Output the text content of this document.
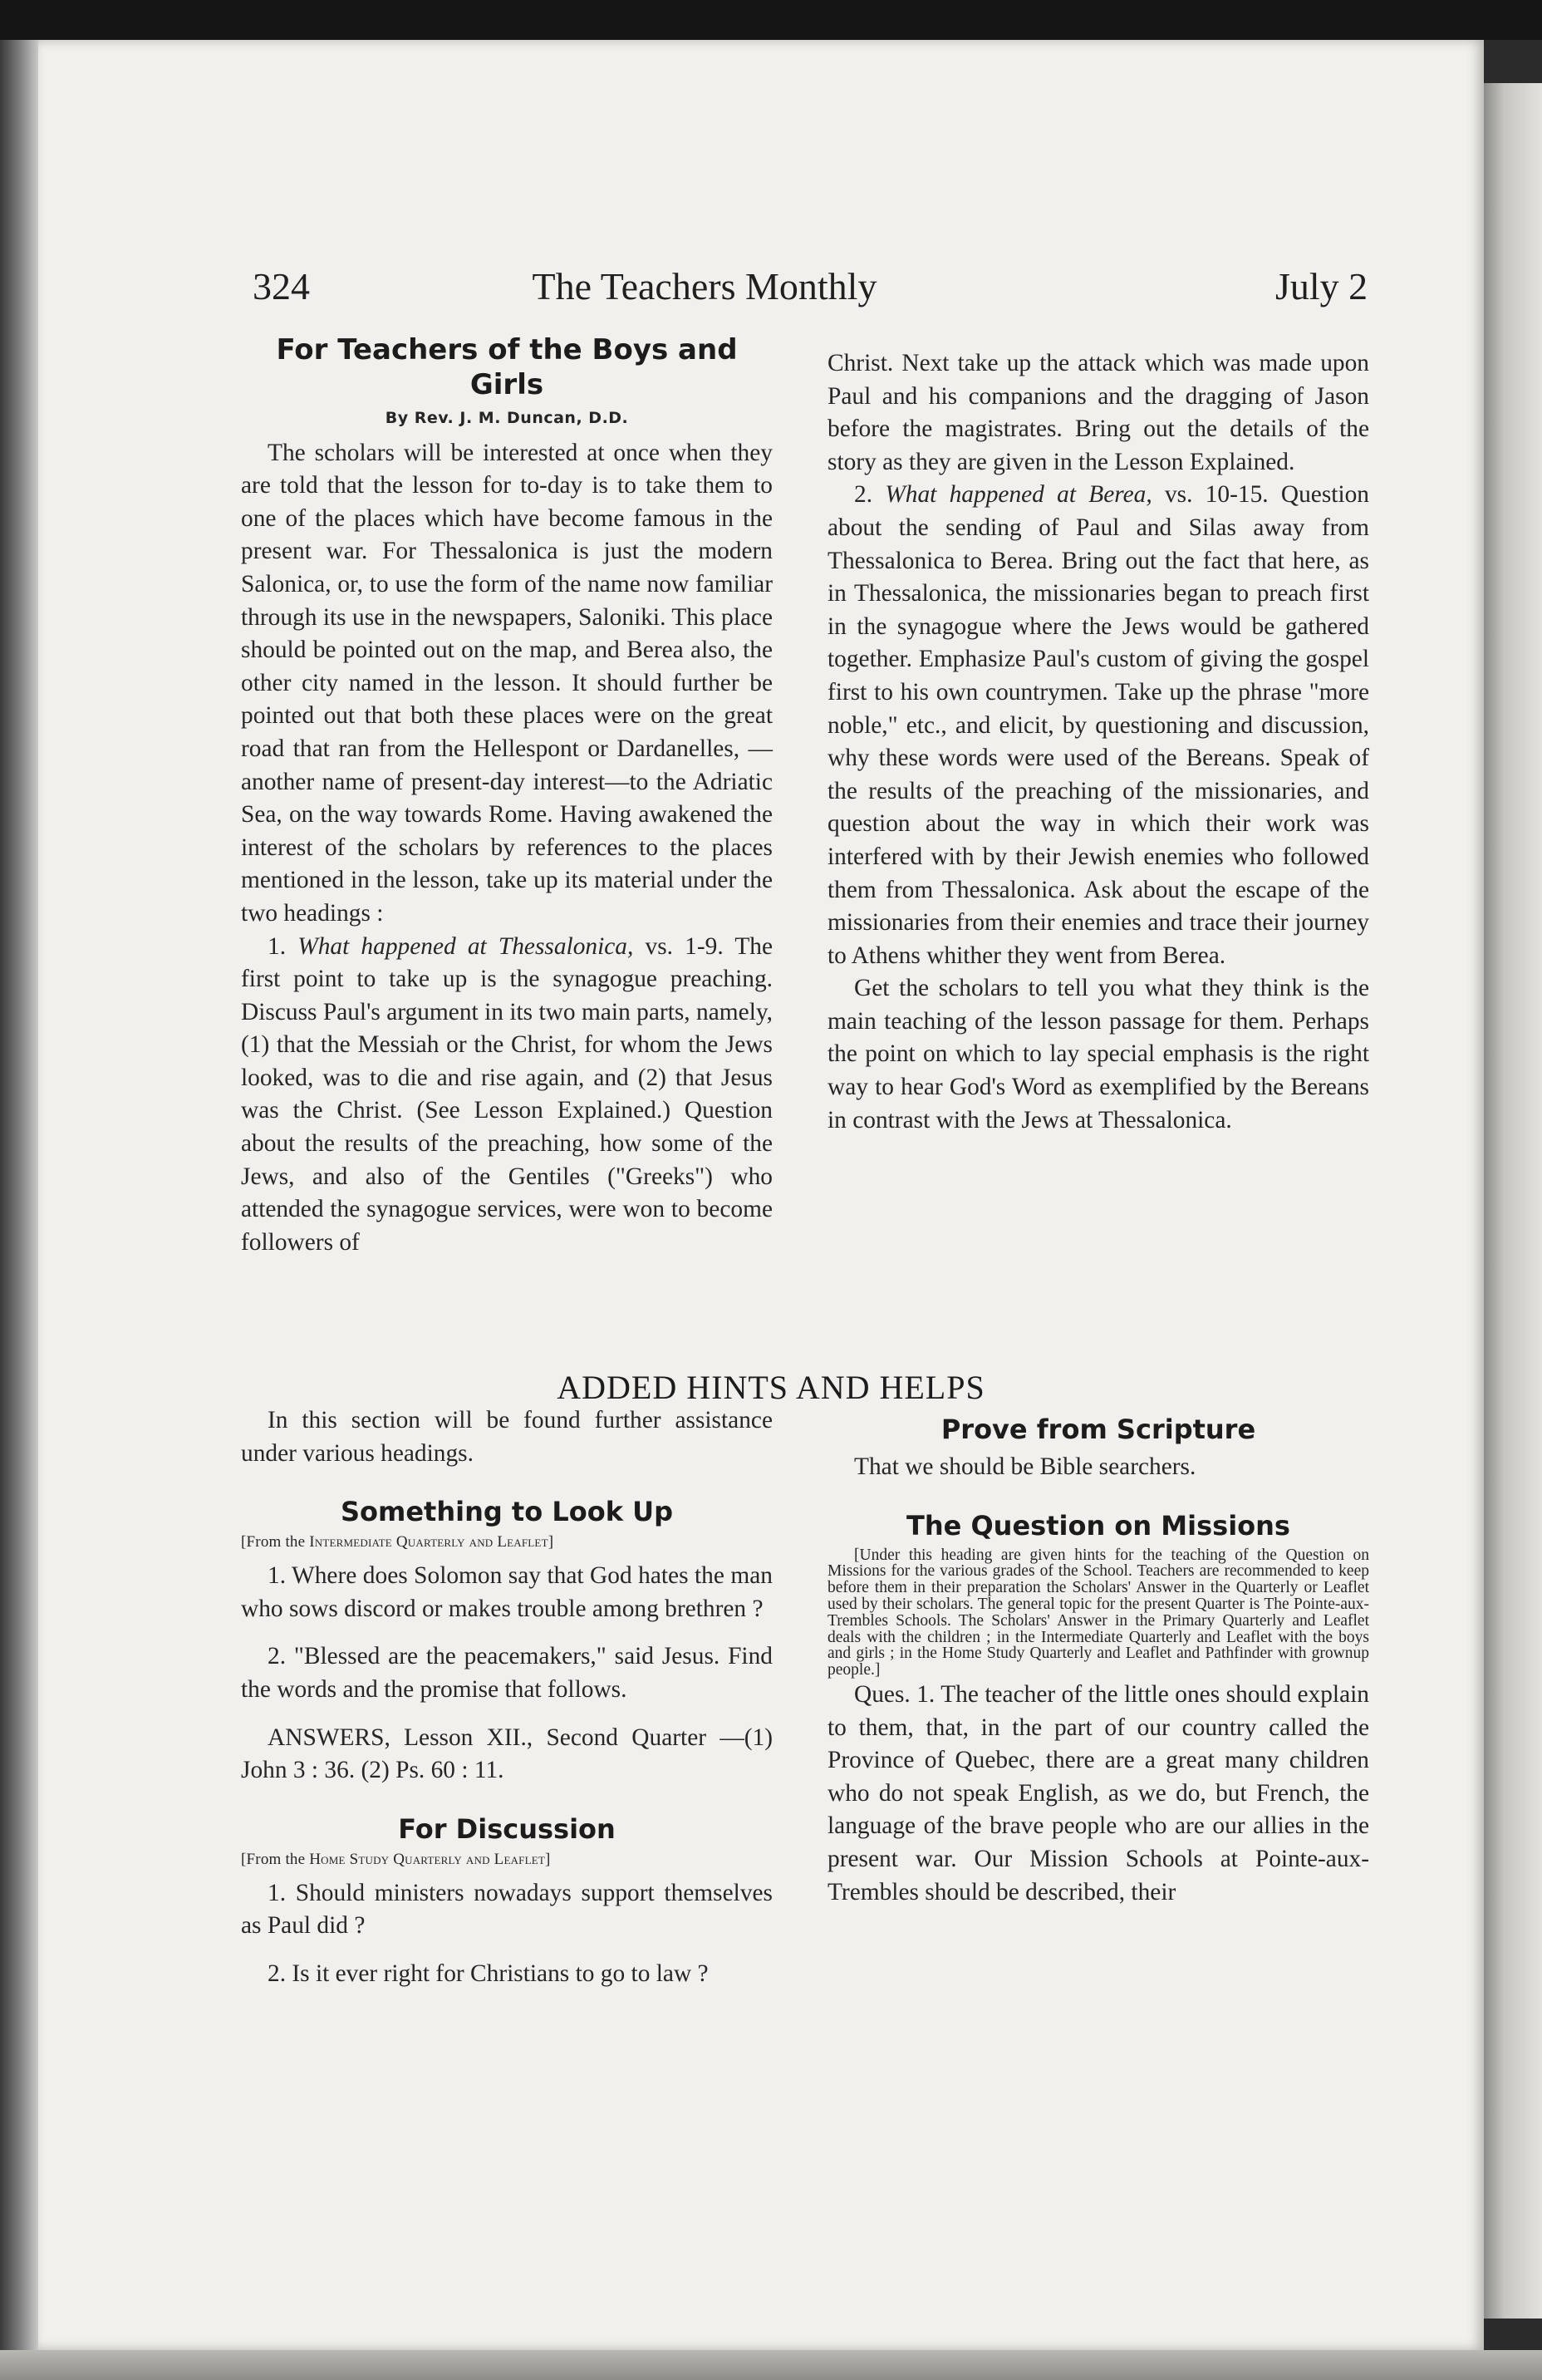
324	The Teachers Monthly	July 2
For Teachers of the Boys and Girls
By Rev. J. M. Duncan, D.D.

The scholars will be interested at once when they are told that the lesson for to-day is to take them to one of the places which have become famous in the present war. For Thessalonica is just the modern Salonica, or, to use the form of the name now familiar through its use in the newspapers, Saloniki. This place should be pointed out on the map, and Berea also, the other city named in the lesson. It should further be pointed out that both these places were on the great road that ran from the Hellespont or Dardanelles, —another name of present-day interest—to the Adriatic Sea, on the way towards Rome. Having awakened the interest of the scholars by references to the places mentioned in the lesson, take up its material under the two headings :

1. What happened at Thessalonica, vs. 1-9. The first point to take up is the synagogue preaching. Discuss Paul's argument in its two main parts, namely, (1) that the Messiah or the Christ, for whom the Jews looked, was to die and rise again, and (2) that Jesus was the Christ. (See Lesson Explained.) Question about the results of the preaching, how some of the Jews, and also of the Gentiles ("Greeks") who attended the synagogue services, were won to become followers of

Christ. Next take up the attack which was made upon Paul and his companions and the dragging of Jason before the magistrates. Bring out the details of the story as they are given in the Lesson Explained.

2. What happened at Berea, vs. 10-15. Question about the sending of Paul and Silas away from Thessalonica to Berea. Bring out the fact that here, as in Thessalonica, the missionaries began to preach first in the synagogue where the Jews would be gathered together. Emphasize Paul's custom of giving the gospel first to his own countrymen. Take up the phrase "more noble," etc., and elicit, by questioning and discussion, why these words were used of the Bereans. Speak of the results of the preaching of the missionaries, and question about the way in which their work was interfered with by their Jewish enemies who followed them from Thessalonica. Ask about the escape of the missionaries from their enemies and trace their journey to Athens whither they went from Berea.

Get the scholars to tell you what they think is the main teaching of the lesson passage for them. Perhaps the point on which to lay special emphasis is the right way to hear God's Word as exemplified by the Bereans in contrast with the Jews at Thessalonica.

ADDED HINTS AND HELPS

In this section will be found further assistance under various headings.

Something to Look Up
[From the Intermediate Quarterly and Leaflet]

1. Where does Solomon say that God hates the man who sows discord or makes trouble among brethren ?

2. "Blessed are the peacemakers," said Jesus. Find the words and the promise that follows.

ANSWERS, Lesson XII., Second Quarter —(1) John 3 : 36. (2) Ps. 60 : 11.

For Discussion
[From the Home Study Quarterly and Leaflet]

1. Should ministers nowadays support themselves as Paul did ?

2. Is it ever right for Christians to go to law ?

Prove from Scripture

That we should be Bible searchers.

The Question on Missions

[Under this heading are given hints for the teaching of the Question on Missions for the various grades of the School. Teachers are recommended to keep before them in their preparation the Scholars' Answer in the Quarterly or Leaflet used by their scholars. The general topic for the present Quarter is The Pointe-aux-Trembles Schools. The Scholars' Answer in the Primary Quarterly and Leaflet deals with the children ; in the Intermediate Quarterly and Leaflet with the boys and girls ; in the Home Study Quarterly and Leaflet and Pathfinder with grownup people.]

Ques. 1. The teacher of the little ones should explain to them, that, in the part of our country called the Province of Quebec, there are a great many children who do not speak English, as we do, but French, the language of the brave people who are our allies in the present war. Our Mission Schools at Pointe-aux-Trembles should be described, their
